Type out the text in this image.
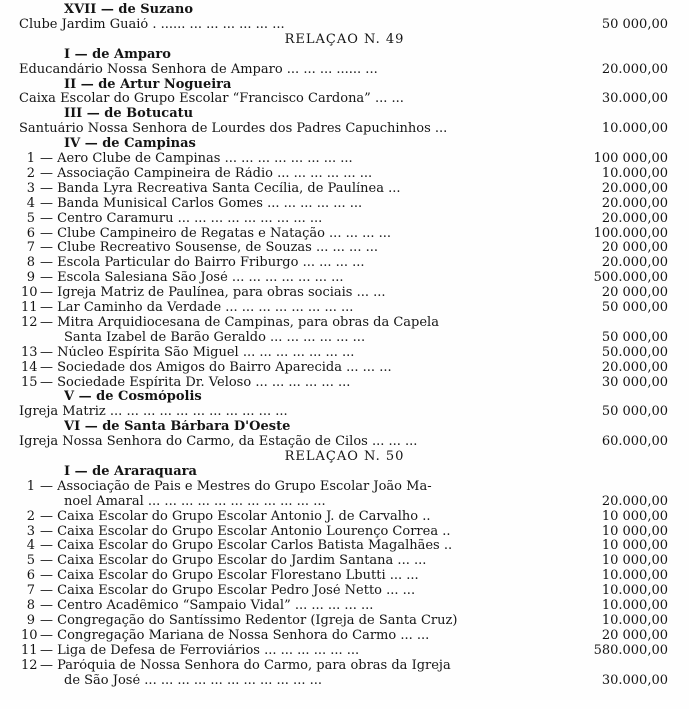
XVII — de Suzano
Clube Jardim Guaió . ...... ... ... ... ... ... ...	50 000,00
RELAÇÃO N. 49
I — de Amparo
Educandário Nossa Senhora de Amparo ... ... ... ...... ...	20.000,00
II — de Artur Nogueira
Caixa Escolar do Grupo Escolar “Francisco Cardona” ... ...	30.000,00
III — de Botucatu
Santuário Nossa Senhora de Lourdes dos Padres Capuchinhos ...	10.000,00
IV — de Campinas
1 — Aero Clube de Campinas ... ... ... ... ... ... ... ...	100 000,00
2 — Associação Campineira de Rádio ... ... ... ... ... ...	10.000,00
3 — Banda Lyra Recreativa Santa Cecília, de Paulínea ...	20.000,00
4 — Banda Munisical Carlos Gomes ... ... ... ... ... ...	20.000,00
5 — Centro Caramuru ... ... ... ... ... ... ... ... ...	20.000,00
6 — Clube Campineiro de Regatas e Natação ... ... ... ...	100.000,00
7 — Clube Recreativo Sousense, de Souzas ... ... ... ...	20 000,00
8 — Escola Particular do Bairro Friburgo ... ... ... ...	20.000,00
9 — Escola Salesiana São José ... ... ... ... ... ... ...	500.000,00
10 — Igreja Matriz de Paulínea, para obras sociais ... ...	20 000,00
11 — Lar Caminho da Verdade ... ... ... ... ... ... ... ...	50 000,00
12 — Mitra Arquidiocesana de Campinas, para obras da Capela
Santa Izabel de Barão Geraldo ... ... ... ... ... ...	50 000,00
13 — Núcleo Espírita São Miguel ... ... ... ... ... ... ...	50.000,00
14 — Sociedade dos Amigos do Bairro Aparecida ... ... ...	20.000,00
15 — Sociedade Espírita Dr. Veloso ... ... ... ... ... ...	30 000,00
V — de Cosmópolis
Igreja Matriz ... ... ... ... ... ... ... ... ... ... ...	50 000,00
VI — de Santa Bárbara D'Oeste
Igreja Nossa Senhora do Carmo, da Estação de Cilos ... ... ...	60.000,00
RELAÇÃO N. 50
I — de Araraquara
1 — Associação de Pais e Mestres do Grupo Escolar João Ma-
noel Amaral ... ... ... ... ... ... ... ... ... ... ...	20.000,00
2 — Caixa Escolar do Grupo Escolar Antonio J. de Carvalho ..	10 000,00
3 — Caixa Escolar do Grupo Escolar Antonio Lourenço Correa ..	10 000,00
4 — Caixa Escolar do Grupo Escolar Carlos Batista Magalhães ..	10 000,00
5 — Caixa Escolar do Grupo Escolar do Jardim Santana ... ...	10 000,00
6 — Caixa Escolar do Grupo Escolar Florestano Lbutti ... ...	10.000,00
7 — Caixa Escolar do Grupo Escolar Pedro José Netto ... ...	10.000,00
8 — Centro Acadêmico “Sampaio Vidal” ... ... ... ... ...	10.000,00
9 — Congregação do Santíssimo Redentor (Igreja de Santa Cruz)	10.000,00
10 — Congregação Mariana de Nossa Senhora do Carmo ... ...	20 000,00
11 — Liga de Defesa de Ferroviários ... ... ... ... ... ...	580.000,00
12 — Paróquia de Nossa Senhora do Carmo, para obras da Igreja
de São José ... ... ... ... ... ... ... ... ... ... ...	30.000,00
